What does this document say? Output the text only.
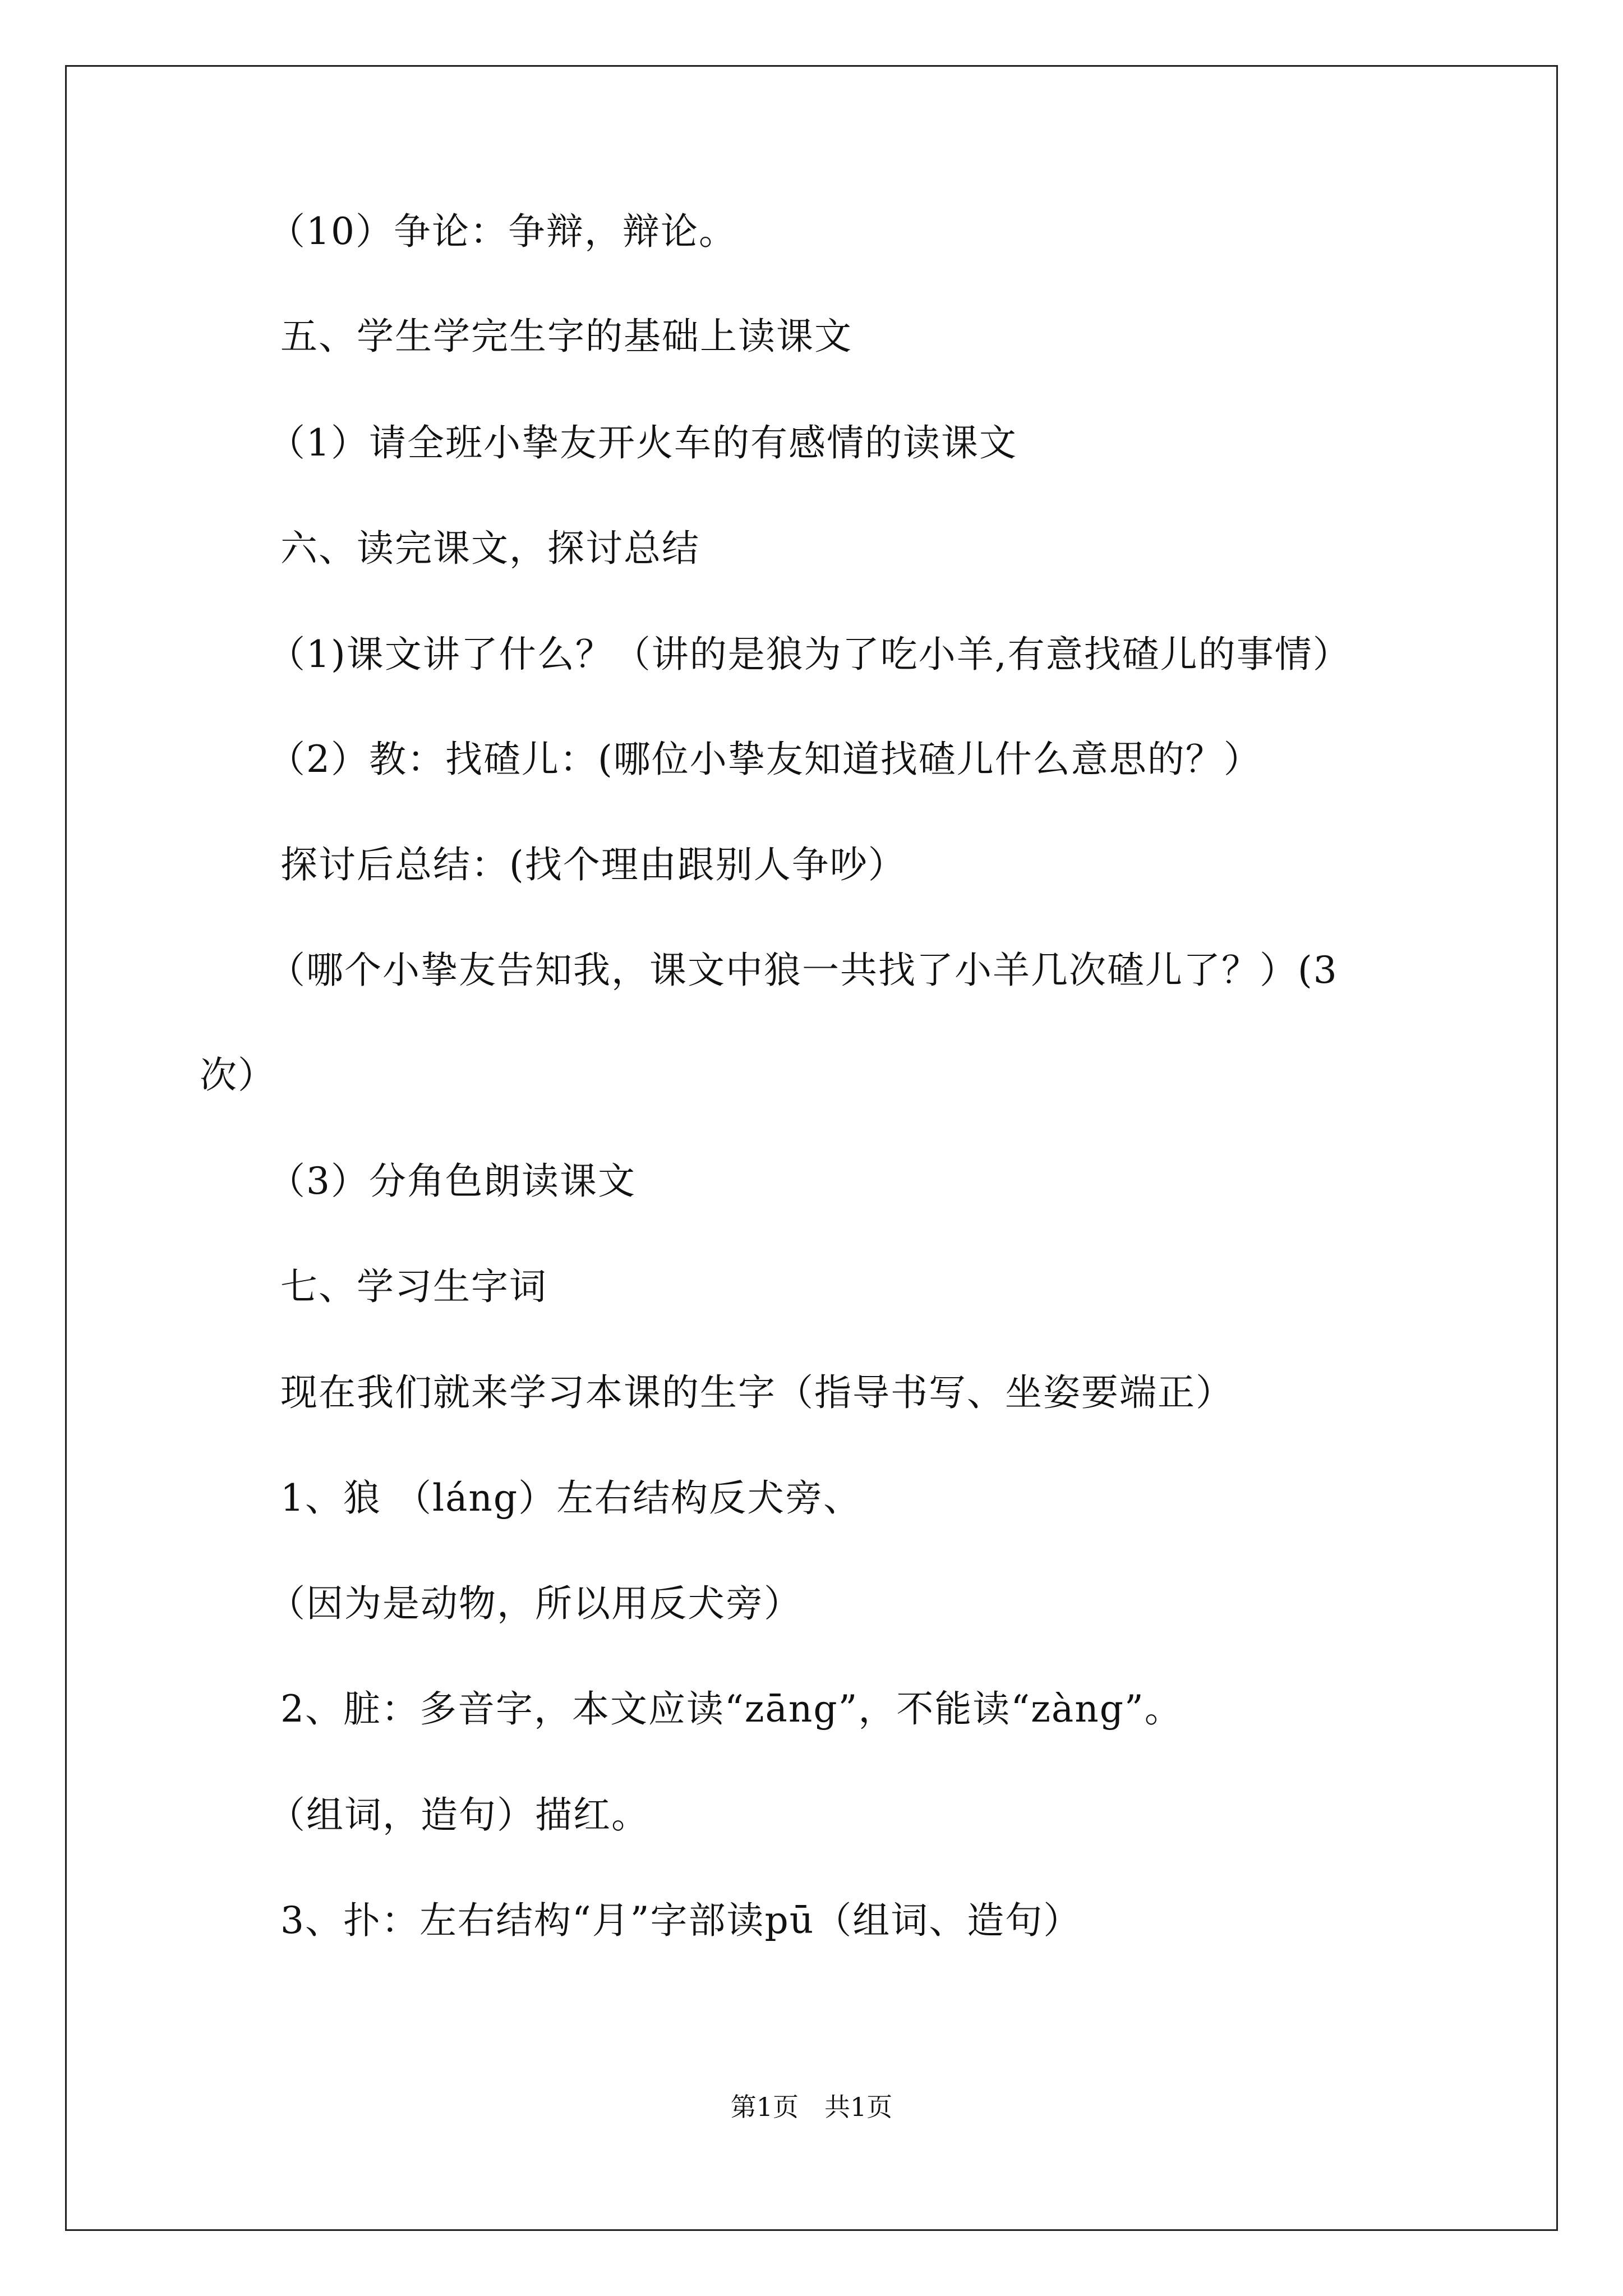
（10）争论：争辩，辩论。
五、学生学完生字的基础上读课文
（1）请全班小挚友开火车的有感情的读课文
六、读完课文，探讨总结
（1)课文讲了什么？（讲的是狼为了吃小羊,有意找碴儿的事情）
（2）教：找碴儿：(哪位小挚友知道找碴儿什么意思的？）
探讨后总结：(找个理由跟别人争吵）
（哪个小挚友告知我，课文中狼一共找了小羊几次碴儿了？）(3
次）
（3）分角色朗读课文
七、学习生字词
现在我们就来学习本课的生字（指导书写、坐姿要端正）
1、狼 （láng）左右结构反犬旁、
（因为是动物，所以用反犬旁）
2、脏：多音字，本文应读“zāng”，不能读“zàng”。
（组词，造句）描红。
3、扑：左右结构“月”字部读pū（组词、造句）
第1页　共1页
